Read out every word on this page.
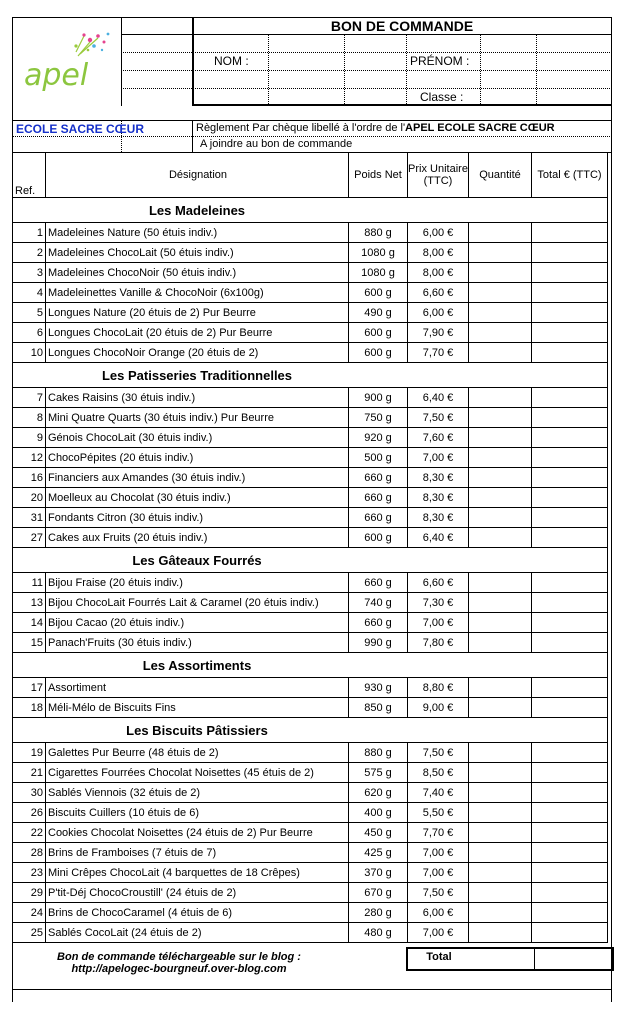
apel
BON DE COMMANDE
NOM :	PRÉNOM :
Classe :
ECOLE SACRE CŒUR	Règlement Par chèque libellé à l'ordre de l'APEL ECOLE SACRE CŒUR
A joindre au bon de commande
Ref.	Désignation	Poids Net	Prix Unitaire (TTC)	Quantité	Total € (TTC)
	Les Madeleines				
1	Madeleines Nature (50 étuis indiv.)	880 g	6,00 €		
2	Madeleines ChocoLait (50 étuis indiv.)	1080 g	8,00 €		
3	Madeleines ChocoNoir (50 étuis indiv.)	1080 g	8,00 €		
4	Madeleinettes Vanille & ChocoNoir (6x100g)	600 g	6,60 €		
5	Longues Nature (20 étuis de 2) Pur Beurre	490 g	6,00 €		
6	Longues ChocoLait (20 étuis de 2) Pur Beurre	600 g	7,90 €		
10	Longues ChocoNoir Orange (20 étuis de 2)	600 g	7,70 €		
	Les Patisseries Traditionnelles				
7	Cakes Raisins (30 étuis indiv.)	900 g	6,40 €		
8	Mini Quatre Quarts (30 étuis indiv.) Pur Beurre	750 g	7,50 €		
9	Génois ChocoLait (30 étuis indiv.)	920 g	7,60 €		
12	ChocoPépites (20 étuis indiv.)	500 g	7,00 €		
16	Financiers aux Amandes (30 étuis indiv.)	660 g	8,30 €		
20	Moelleux au Chocolat (30 étuis indiv.)	660 g	8,30 €		
31	Fondants Citron (30 étuis indiv.)	660 g	8,30 €		
27	Cakes aux Fruits (20 étuis indiv.)	600 g	6,40 €		
	Les Gâteaux Fourrés				
11	Bijou Fraise (20 étuis indiv.)	660 g	6,60 €		
13	Bijou ChocoLait Fourrés Lait & Caramel (20 étuis indiv.)	740 g	7,30 €		
14	Bijou Cacao (20 étuis indiv.)	660 g	7,00 €		
15	Panach'Fruits (30 étuis indiv.)	990 g	7,80 €		
	Les Assortiments				
17	Assortiment	930 g	8,80 €		
18	Méli-Mélo de Biscuits Fins	850 g	9,00 €		
	Les Biscuits Pâtissiers				
19	Galettes Pur Beurre (48 étuis de 2)	880 g	7,50 €		
21	Cigarettes Fourrées Chocolat Noisettes (45 étuis de 2)	575 g	8,50 €		
30	Sablés Viennois (32 étuis de 2)	620 g	7,40 €		
26	Biscuits Cuillers (10 étuis de 6)	400 g	5,50 €		
22	Cookies Chocolat Noisettes (24 étuis de 2) Pur Beurre	450 g	7,70 €		
28	Brins de Framboises (7 étuis de 7)	425 g	7,00 €		
23	Mini Crêpes ChocoLait (4 barquettes de 18 Crêpes)	370 g	7,00 €		
29	P'tit-Déj ChocoCroustill' (24 étuis de 2)	670 g	7,50 €		
24	Brins de ChocoCaramel (4 étuis de 6)	280 g	6,00 €		
25	Sablés CocoLait (24 étuis de 2)	480 g	7,00 €		
Bon de commande téléchargeable sur le blog :
http://apelogec-bourgneuf.over-blog.com
Total
